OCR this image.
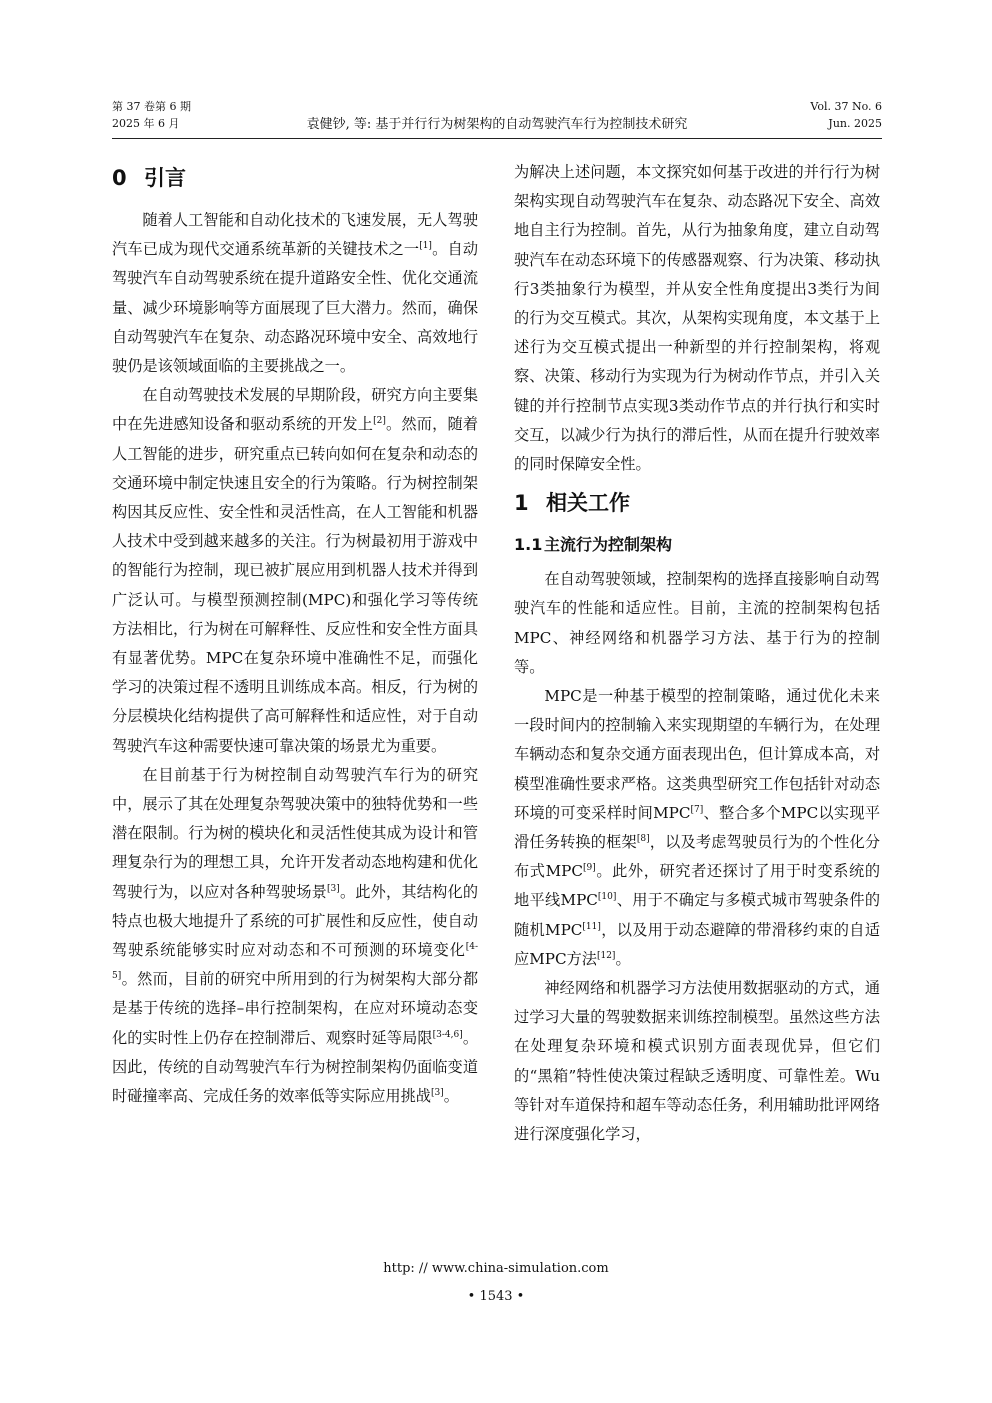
第 37 卷第 6 期
2025 年 6 月	袁健钞, 等: 基于并行行为树架构的自动驾驶汽车行为控制技术研究
Vol. 37 No. 6
Jun. 2025
0 引言

随着人工智能和自动化技术的飞速发展，无人驾驶汽车已成为现代交通系统革新的关键技术之一[1]。自动驾驶汽车自动驾驶系统在提升道路安全性、优化交通流量、减少环境影响等方面展现了巨大潜力。然而，确保自动驾驶汽车在复杂、动态路况环境中安全、高效地行驶仍是该领域面临的主要挑战之一。

在自动驾驶技术发展的早期阶段，研究方向主要集中在先进感知设备和驱动系统的开发上[2]。然而，随着人工智能的进步，研究重点已转向如何在复杂和动态的交通环境中制定快速且安全的行为策略。行为树控制架构因其反应性、安全性和灵活性高，在人工智能和机器人技术中受到越来越多的关注。行为树最初用于游戏中的智能行为控制，现已被扩展应用到机器人技术并得到广泛认可。与模型预测控制(MPC)和强化学习等传统方法相比，行为树在可解释性、反应性和安全性方面具有显著优势。MPC在复杂环境中准确性不足，而强化学习的决策过程不透明且训练成本高。相反，行为树的分层模块化结构提供了高可解释性和适应性，对于自动驾驶汽车这种需要快速可靠决策的场景尤为重要。

在目前基于行为树控制自动驾驶汽车行为的研究中，展示了其在处理复杂驾驶决策中的独特优势和一些潜在限制。行为树的模块化和灵活性使其成为设计和管理复杂行为的理想工具，允许开发者动态地构建和优化驾驶行为，以应对各种驾驶场景[3]。此外，其结构化的特点也极大地提升了系统的可扩展性和反应性，使自动驾驶系统能够实时应对动态和不可预测的环境变化[4-5]。然而，目前的研究中所用到的行为树架构大部分都是基于传统的选择–串行控制架构，在应对环境动态变化的实时性上仍存在控制滞后、观察时延等局限[3-4,6]。因此，传统的自动驾驶汽车行为树控制架构仍面临变道时碰撞率高、完成任务的效率低等实际应用挑战[3]。

为解决上述问题，本文探究如何基于改进的并行行为树架构实现自动驾驶汽车在复杂、动态路况下安全、高效地自主行为控制。首先，从行为抽象角度，建立自动驾驶汽车在动态环境下的传感器观察、行为决策、移动执行3类抽象行为模型，并从安全性角度提出3类行为间的行为交互模式。其次，从架构实现角度，本文基于上述行为交互模式提出一种新型的并行控制架构，将观察、决策、移动行为实现为行为树动作节点，并引入关键的并行控制节点实现3类动作节点的并行执行和实时交互，以减少行为执行的滞后性，从而在提升行驶效率的同时保障安全性。

1 相关工作
1.1 主流行为控制架构

在自动驾驶领域，控制架构的选择直接影响自动驾驶汽车的性能和适应性。目前，主流的控制架构包括MPC、神经网络和机器学习方法、基于行为的控制等。

MPC是一种基于模型的控制策略，通过优化未来一段时间内的控制输入来实现期望的车辆行为，在处理车辆动态和复杂交通方面表现出色，但计算成本高，对模型准确性要求严格。这类典型研究工作包括针对动态环境的可变采样时间MPC[7]、整合多个MPC以实现平滑任务转换的框架[8]，以及考虑驾驶员行为的个性化分布式MPC[9]。此外，研究者还探讨了用于时变系统的地平线MPC[10]、用于不确定与多模式城市驾驶条件的随机MPC[11]，以及用于动态避障的带滑移约束的自适应MPC方法[12]。

神经网络和机器学习方法使用数据驱动的方式，通过学习大量的驾驶数据来训练控制模型。虽然这些方法在处理复杂环境和模式识别方面表现优异，但它们的“黑箱”特性使决策过程缺乏透明度、可靠性差。Wu等针对车道保持和超车等动态任务，利用辅助批评网络进行深度强化学习，

http: // www.china-simulation.com
• 1543 •
